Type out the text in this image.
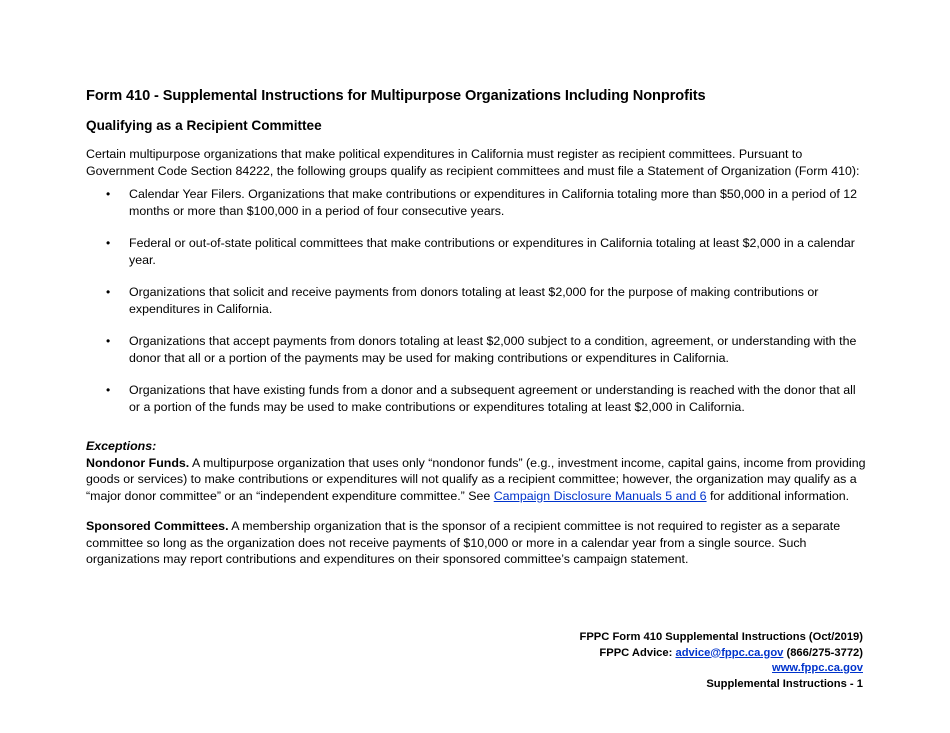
Form 410 - Supplemental Instructions for Multipurpose Organizations Including Nonprofits
Qualifying as a Recipient Committee
Certain multipurpose organizations that make political expenditures in California must register as recipient committees. Pursuant to Government Code Section 84222, the following groups qualify as recipient committees and must file a Statement of Organization (Form 410):
• Calendar Year Filers. Organizations that make contributions or expenditures in California totaling more than $50,000 in a period of 12 months or more than $100,000 in a period of four consecutive years.
• Federal or out-of-state political committees that make contributions or expenditures in California totaling at least $2,000 in a calendar year.
• Organizations that solicit and receive payments from donors totaling at least $2,000 for the purpose of making contributions or expenditures in California.
• Organizations that accept payments from donors totaling at least $2,000 subject to a condition, agreement, or understanding with the donor that all or a portion of the payments may be used for making contributions or expenditures in California.
• Organizations that have existing funds from a donor and a subsequent agreement or understanding is reached with the donor that all or a portion of the funds may be used to make contributions or expenditures totaling at least $2,000 in California.
Exceptions:
Nondonor Funds. A multipurpose organization that uses only “nondonor funds” (e.g., investment income, capital gains, income from providing goods or services) to make contributions or expenditures will not qualify as a recipient committee; however, the organization may qualify as a “major donor committee” or an “independent expenditure committee.” See Campaign Disclosure Manuals 5 and 6 for additional information.
Sponsored Committees. A membership organization that is the sponsor of a recipient committee is not required to register as a separate committee so long as the organization does not receive payments of $10,000 or more in a calendar year from a single source. Such organizations may report contributions and expenditures on their sponsored committee’s campaign statement.
FPPC Form 410 Supplemental Instructions (Oct/2019)
FPPC Advice: advice@fppc.ca.gov (866/275-3772)
www.fppc.ca.gov
Supplemental Instructions - 1
